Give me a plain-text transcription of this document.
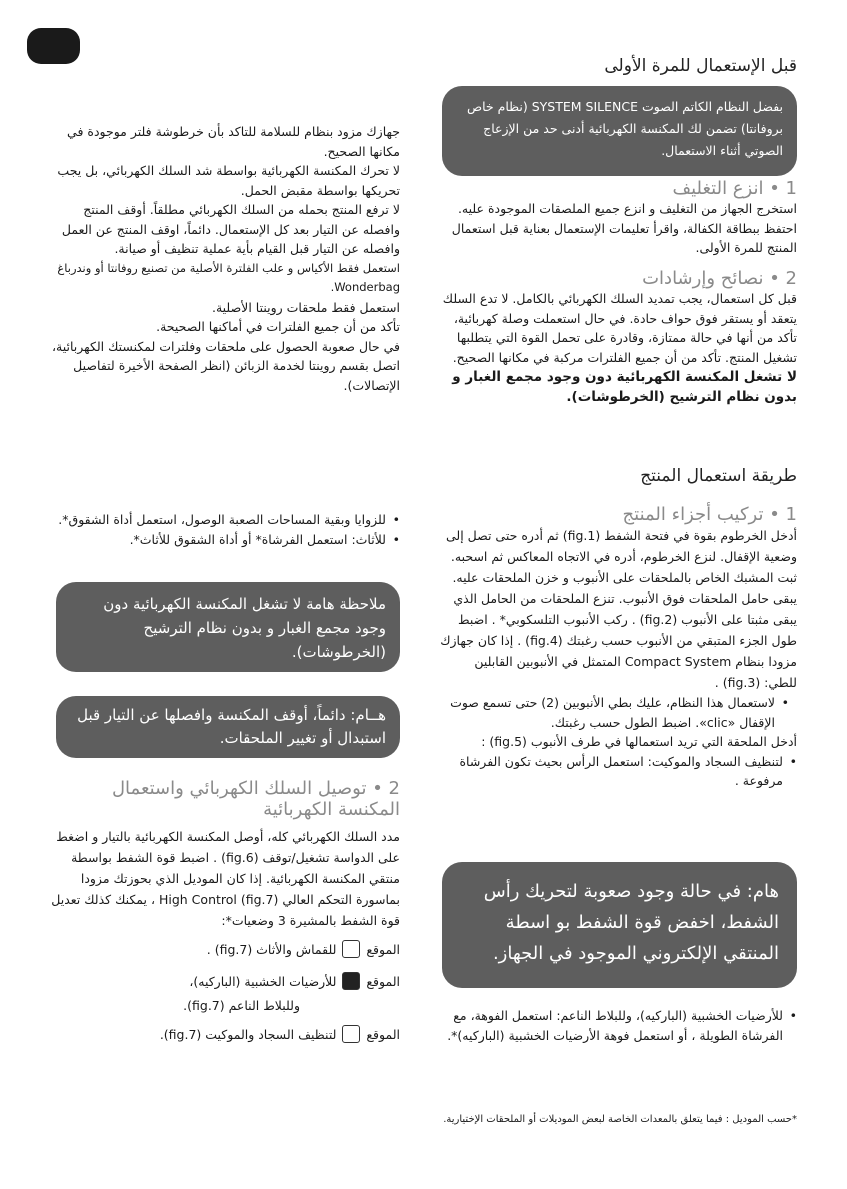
قبل الإستعمال للمرة الأولى
بفضل النظام الكاتم الصوت SYSTEM SILENCE (نظام خاص بروفانتا) تضمن لك المكنسة الكهربائية أدنى حد من الإزعاج الصوتي أثناء الاستعمال.
1 • انزع التغليف

استخرج الجهاز من التغليف و انزع جميع الملصقات الموجودة عليه. احتفظ ببطاقة الكفالة، واقرأ تعليمات الإستعمال بعناية قبل استعمال المنتج للمرة الأولى.

2 • نصائح وإرشادات

قبل كل استعمال، يجب تمديد السلك الكهربائي بالكامل. لا تدع السلك يتعقد أو يستقر فوق حواف حادة. في حال استعملت وصلة كهربائية، تأكد من أنها في حالة ممتازة، وقادرة على تحمل القوة التي يتطلبها تشغيل المنتج. تأكد من أن جميع الفلترات مركبة في مكانها الصحيح.

لا تشغل المكنسة الكهربائية دون وجود مجمع الغبار و بدون نظام الترشيح (الخرطوشات).

جهازك مزود بنظام للسلامة للتاكد بأن خرطوشة فلتر موجودة في مكانها الصحيح.

لا تحرك المكنسة الكهربائية بواسطة شد السلك الكهربائي، بل يجب تحريكها بواسطة مقبض الحمل.

لا ترفع المنتج بحمله من السلك الكهربائي مطلقاً. أوقف المنتج وافصله عن التيار بعد كل الإستعمال. دائماً، اوقف المنتج عن العمل وافصله عن التيار قبل القيام بأية عملية تنظيف أو صيانة.

استعمل فقط الأكياس و علب الفلترة الأصلية من تصنيع روفانتا أو وندرباغ Wonderbag.

استعمل فقط ملحقات روينتا الأصلية.

تأكد من أن جميع الفلترات في أماكنها الصحيحة.

في حال صعوبة الحصول على ملحقات وفلترات لمكنستك الكهربائية، اتصل بقسم روينتا لخدمة الزبائن (انظر الصفحة الأخيرة لتفاصيل الإتصالات).

طريقة استعمال المنتج
1 • تركيب أجزاء المنتج

أدخل الخرطوم بقوة في فتحة الشفط (fig.1) ثم أدره حتى تصل إلى وضعية الإقفال. لنزع الخرطوم، أدره في الاتجاه المعاكس ثم اسحبه. ثبت المشبك الخاص بالملحقات على الأنبوب و خزن الملحقات عليه. يبقى حامل الملحقات فوق الأنبوب. تنزع الملحقات من الحامل الذي يبقى مثبتا على الأنبوب (fig.2) . ركب الأنبوب التلسكوبي* . اضبط طول الجزء المتبقي من الأنبوب حسب رغبتك (fig.4) . إذا كان جهازك مزودا بنظام Compact System المتمثل في الأنبوبين القابلين للطي: (fig.3) .

• لاستعمال هذا النظام، عليك بطي الأنبوبين (2) حتى تسمع صوت الإقفال «clic». اضبط الطول حسب رغبتك.

أدخل الملحقة التي تريد استعمالها في طرف الأنبوب (fig.5) :

• لتنظيف السجاد والموكيت: استعمل الرأس بحيث تكون الفرشاة مرفوعة .

هام: في حالة وجود صعوبة لتحريك رأس الشفط، اخفض قوة الشفط بو اسطة المنتقي الإلكتروني الموجود في الجهاز.

• للأرضيات الخشبية (الباركيه)، وللبلاط الناعم: استعمل الفوهة، مع الفرشاة الطويلة ، أو استعمل فوهة الأرضيات الخشبية (الباركيه)*.

• للزوايا وبقية المساحات الصعبة الوصول، استعمل أداة الشقوق*.

• للأثاث: استعمل الفرشاة* أو أداة الشقوق للأثاث*.

ملاحظة هامة لا تشغل المكنسة الكهربائية دون وجود مجمع الغبار و بدون نظام الترشيح (الخرطوشات).
هــام: دائماً، أوقف المكنسة وافصلها عن التيار قبل استبدال أو تغيير الملحقات.
2 • توصيل السلك الكهربائي واستعمال المكنسة الكهربائية

مدد السلك الكهربائي كله، أوصل المكنسة الكهربائية بالتيار و اضغط على الدواسة تشغيل/توقف (fig.6) . اضبط قوة الشفط بواسطة منتقي المكنسة الكهربائية. إذا كان الموديل الذي بحوزتك مزودا بماسورة التحكم العالي High Control (fig.7) ، يمكنك كذلك تعديل قوة الشفط بالمشيرة 3 وضعيات*:

الموقع
للقماش والأثاث (fig.7) .
الموقع
للأرضيات الخشبية (الباركيه)،
وللبلاط الناعم (fig.7).
الموقع
لتنظيف السجاد والموكيت (fig.7).
*حسب الموديل : فيما يتعلق بالمعدات الخاصة لبعض الموديلات أو الملحقات الإختيارية.
